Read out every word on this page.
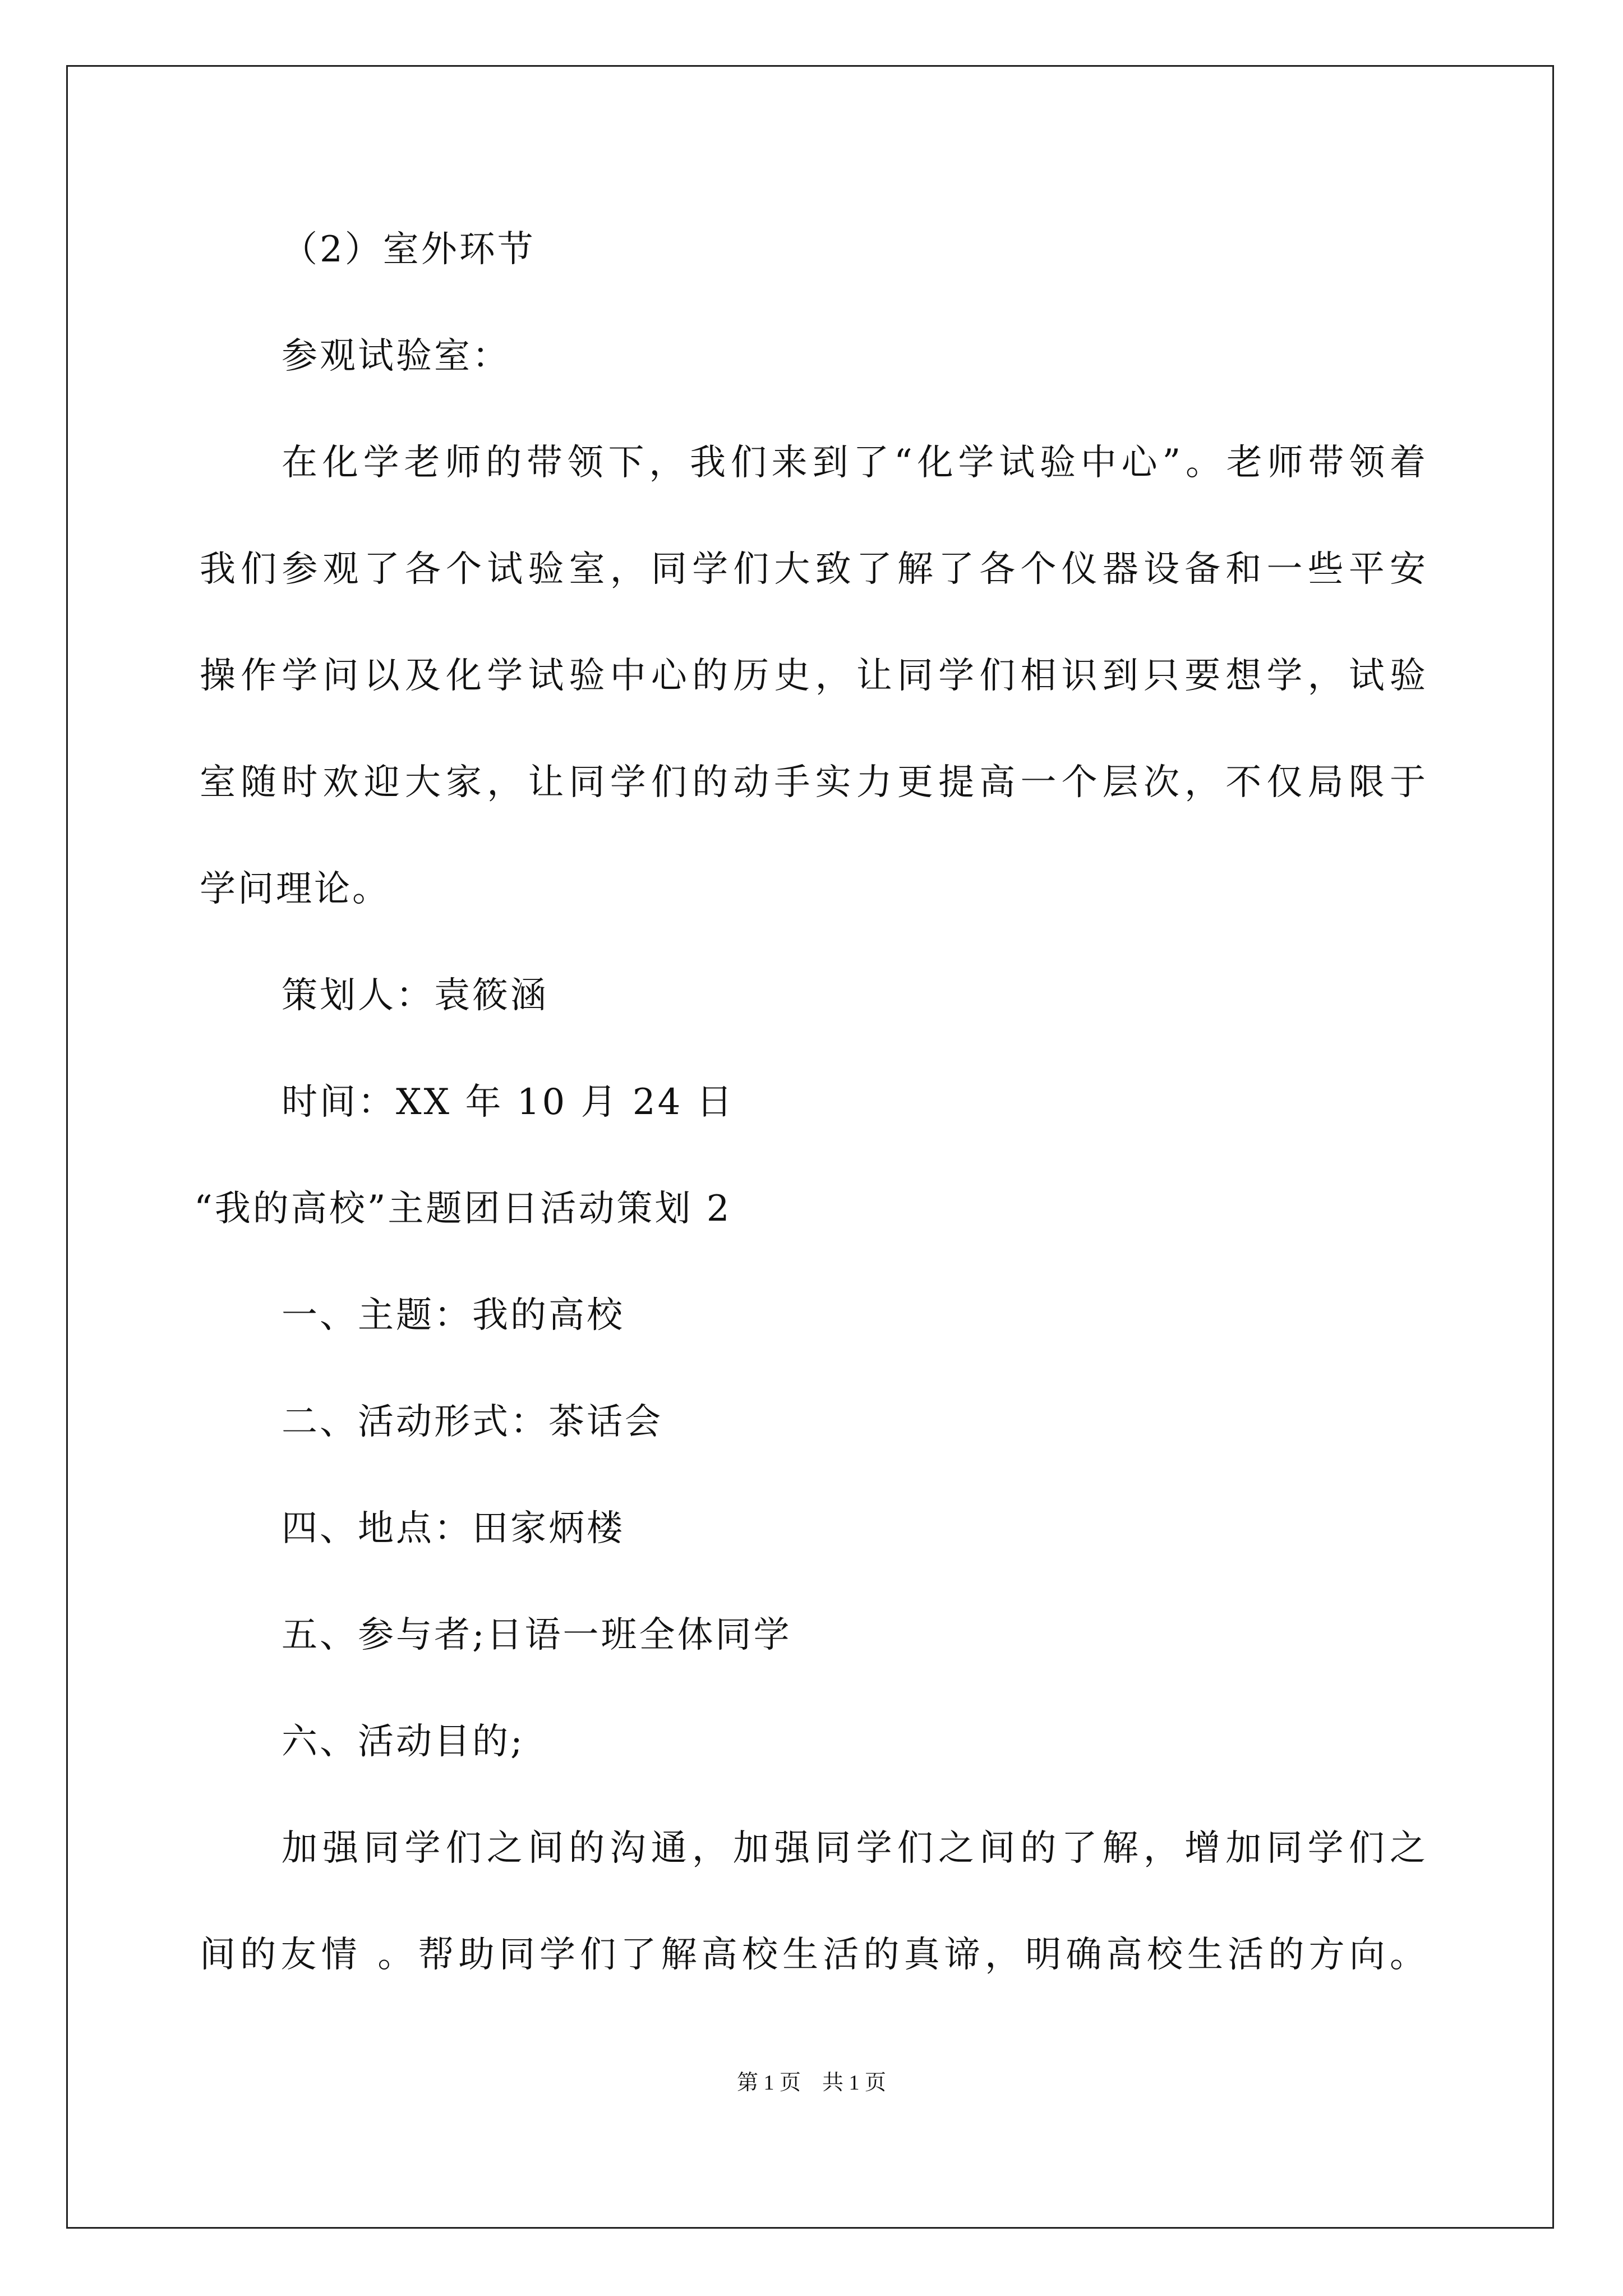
（2）室外环节
参观试验室：
在化学老师的带领下，我们来到了“化学试验中心”。老师带领着
我们参观了各个试验室，同学们大致了解了各个仪器设备和一些平安
操作学问以及化学试验中心的历史，让同学们相识到只要想学，试验
室随时欢迎大家，让同学们的动手实力更提高一个层次，不仅局限于
学问理论。
策划人：袁筱涵
时间：XX 年 10 月 24 日
“我的高校”主题团日活动策划 2
一、主题：我的高校
二、活动形式：茶话会
四、地点：田家炳楼
五、参与者;日语一班全体同学
六、活动目的;
加强同学们之间的沟通，加强同学们之间的了解，增加同学们之
间的友情 。帮助同学们了解高校生活的真谛，明确高校生活的方向。
第 1 页　共 1 页
